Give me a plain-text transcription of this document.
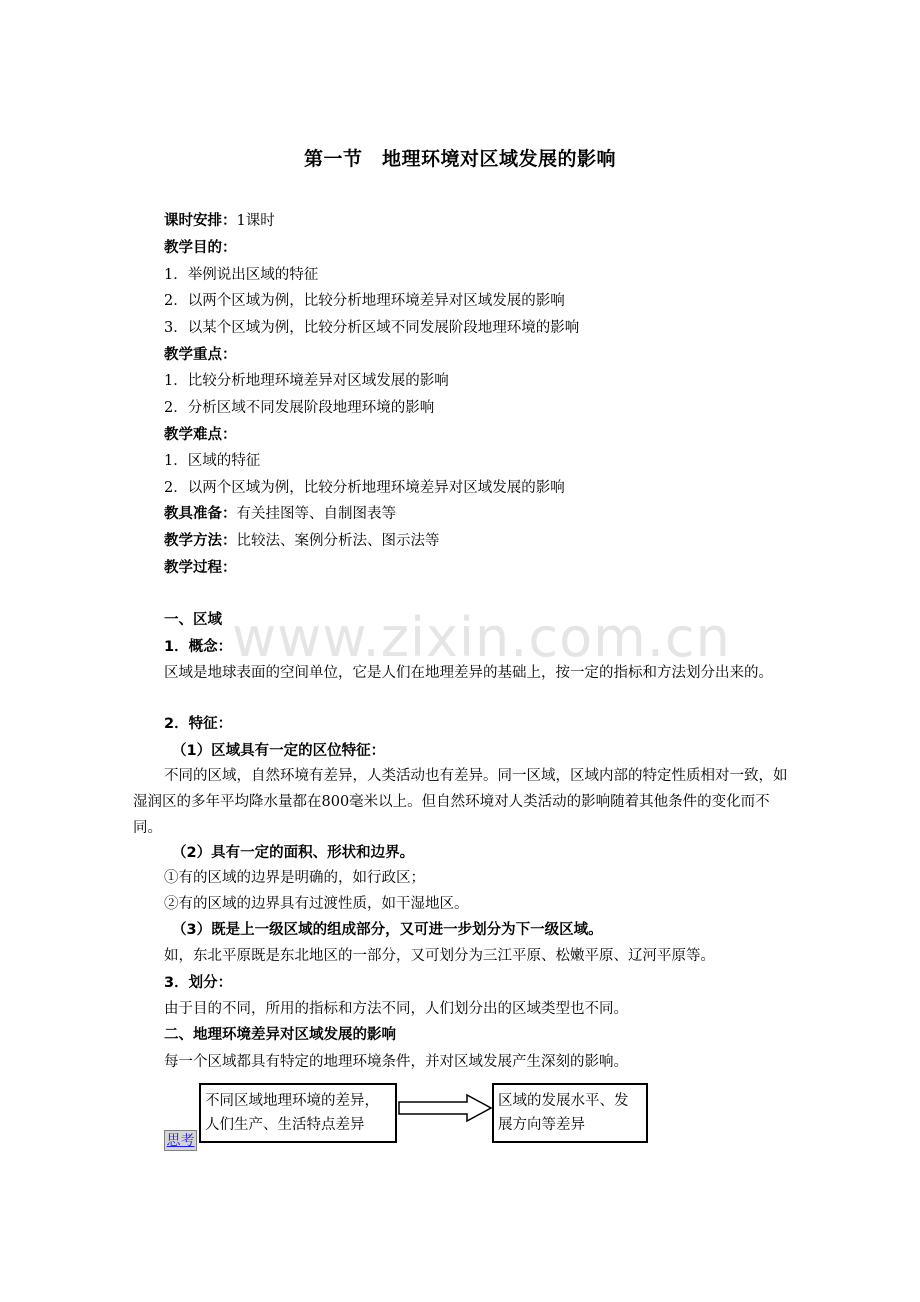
第一节　地理环境对区域发展的影响
www.zixin.com.cn
课时安排：1课时
教学目的：
1．举例说出区域的特征
2．以两个区域为例，比较分析地理环境差异对区域发展的影响
3．以某个区域为例，比较分析区域不同发展阶段地理环境的影响
教学重点：
1．比较分析地理环境差异对区域发展的影响
2．分析区域不同发展阶段地理环境的影响
教学难点：
1．区域的特征
2．以两个区域为例，比较分析地理环境差异对区域发展的影响
教具准备：有关挂图等、自制图表等
教学方法：比较法、案例分析法、图示法等
教学过程：
一、区域
1．概念：
区域是地球表面的空间单位，它是人们在地理差异的基础上，按一定的指标和方法划分出来的。
2．特征：
（1）区域具有一定的区位特征：
不同的区域，自然环境有差异，人类活动也有差异。同一区域，区域内部的特定性质相对一致，如湿润区的多年平均降水量都在800毫米以上。但自然环境对人类活动的影响随着其他条件的变化而不同。
（2）具有一定的面积、形状和边界。
①有的区域的边界是明确的，如行政区；
②有的区域的边界具有过渡性质，如干湿地区。
（3）既是上一级区域的组成部分，又可进一步划分为下一级区域。
如，东北平原既是东北地区的一部分，又可划分为三江平原、松嫩平原、辽河平原等。
3．划分：
由于目的不同，所用的指标和方法不同，人们划分出的区域类型也不同。
二、地理环境差异对区域发展的影响
每一个区域都具有特定的地理环境条件，并对区域发展产生深刻的影响。
不同区域地理环境的差异，
人们生产、生活特点差异
区域的发展水平、发
展方向等差异
思考
